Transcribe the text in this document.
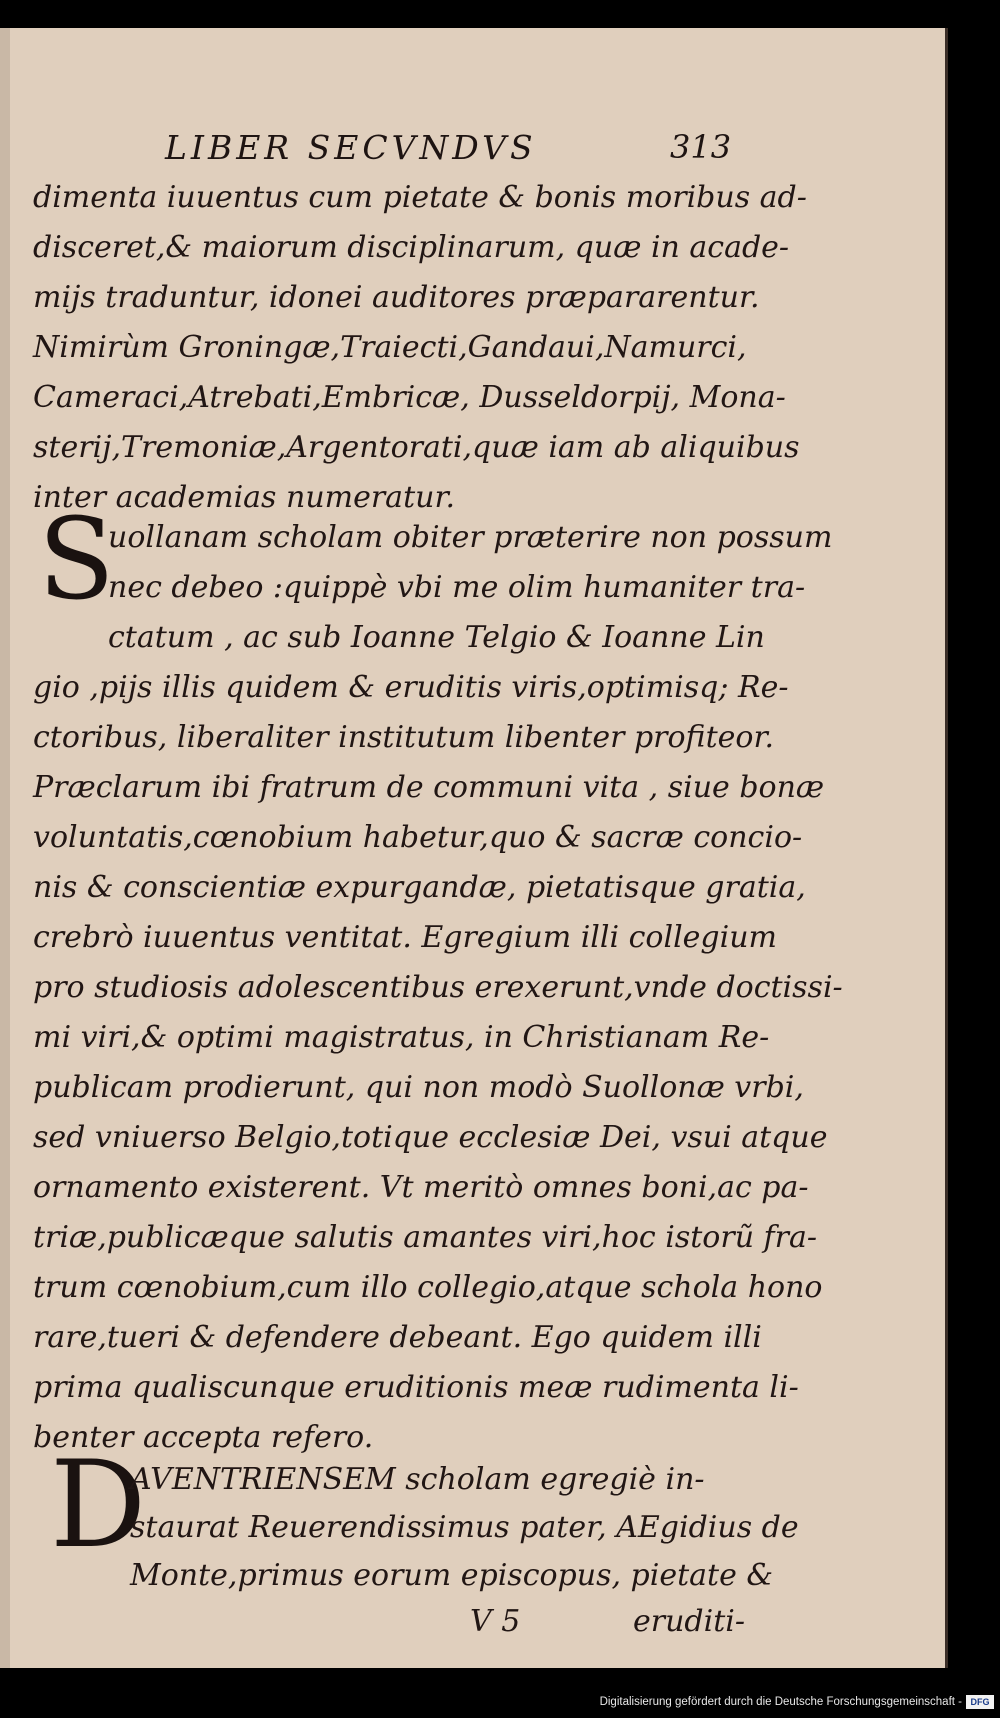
LIBER SECVNDVS	313
dimenta iuuentus cum pietate & bonis moribus ad-
disceret,& maiorum disciplinarum, quæ in acade-
mijs traduntur, idonei auditores præpararentur.
Nimirùm Groningæ,Traiecti,Gandaui,Namurci,
Cameraci,Atrebati,Embricæ, Dusseldorpij, Mona-
sterij,Tremoniæ,Argentorati,quæ iam ab aliquibus
inter academias numeratur.
S
uollanam scholam obiter præterire non possum
nec debeo :quippè vbi me olim humaniter tra-
ctatum , ac sub Ioanne Telgio & Ioanne Lin
gio ,pijs illis quidem & eruditis viris,optimisq; Re-
ctoribus, liberaliter institutum libenter profiteor.
Præclarum ibi fratrum de communi vita , siue bonæ
voluntatis,cœnobium habetur,quo & sacræ concio-
nis & conscientiæ expurgandæ, pietatisque gratia,
crebrò iuuentus ventitat. Egregium illi collegium
pro studiosis adolescentibus erexerunt,vnde doctissi-
mi viri,& optimi magistratus, in Christianam Re-
publicam prodierunt, qui non modò Suollonæ vrbi,
sed vniuerso Belgio,totique ecclesiæ Dei, vsui atque
ornamento existerent. Vt meritò omnes boni,ac pa-
triæ,publicæque salutis amantes viri,hoc istorũ fra-
trum cœnobium,cum illo collegio,atque schola hono
rare,tueri & defendere debeant. Ego quidem illi
prima qualiscunque eruditionis meæ rudimenta li-
benter accepta refero.
D
AVENTRIENSEM scholam egregiè in-
staurat Reuerendissimus pater, AEgidius de
Monte,primus eorum episcopus, pietate &
V 5	eruditi-
Digitalisierung gefördert durch die Deutsche Forschungsgemeinschaft - DFG
